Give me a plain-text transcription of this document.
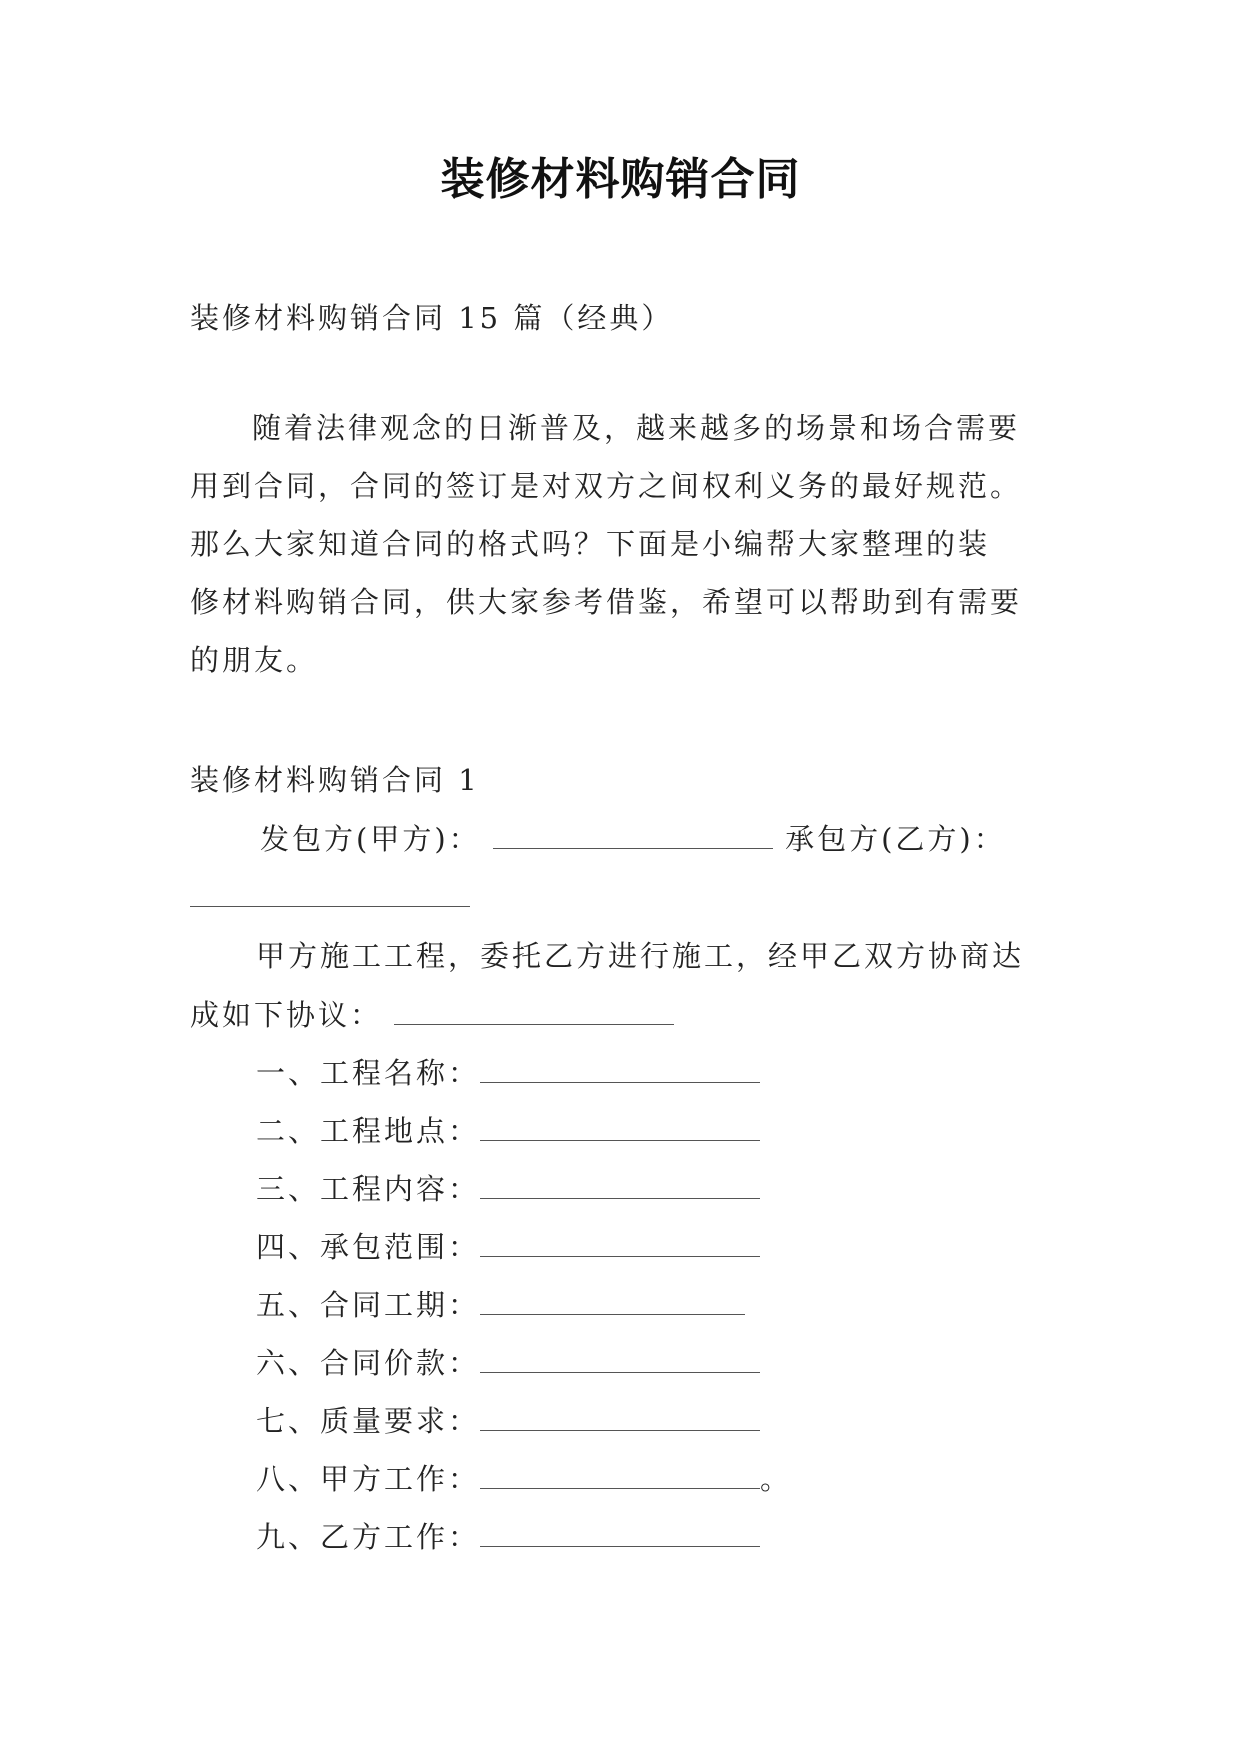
装修材料购销合同
装修材料购销合同 15 篇（经典）
随着法律观念的日渐普及，越来越多的场景和场合需要
用到合同，合同的签订是对双方之间权利义务的最好规范。
那么大家知道合同的格式吗？下面是小编帮大家整理的装
修材料购销合同，供大家参考借鉴，希望可以帮助到有需要
的朋友。
装修材料购销合同 1
发包方(甲方)：	承包方(乙方)：
甲方施工工程，委托乙方进行施工，经甲乙双方协商达
成如下协议：
一、工程名称：
二、工程地点：
三、工程内容：
四、承包范围：
五、合同工期：
六、合同价款：
七、质量要求：
八、甲方工作：	。
九、乙方工作：
